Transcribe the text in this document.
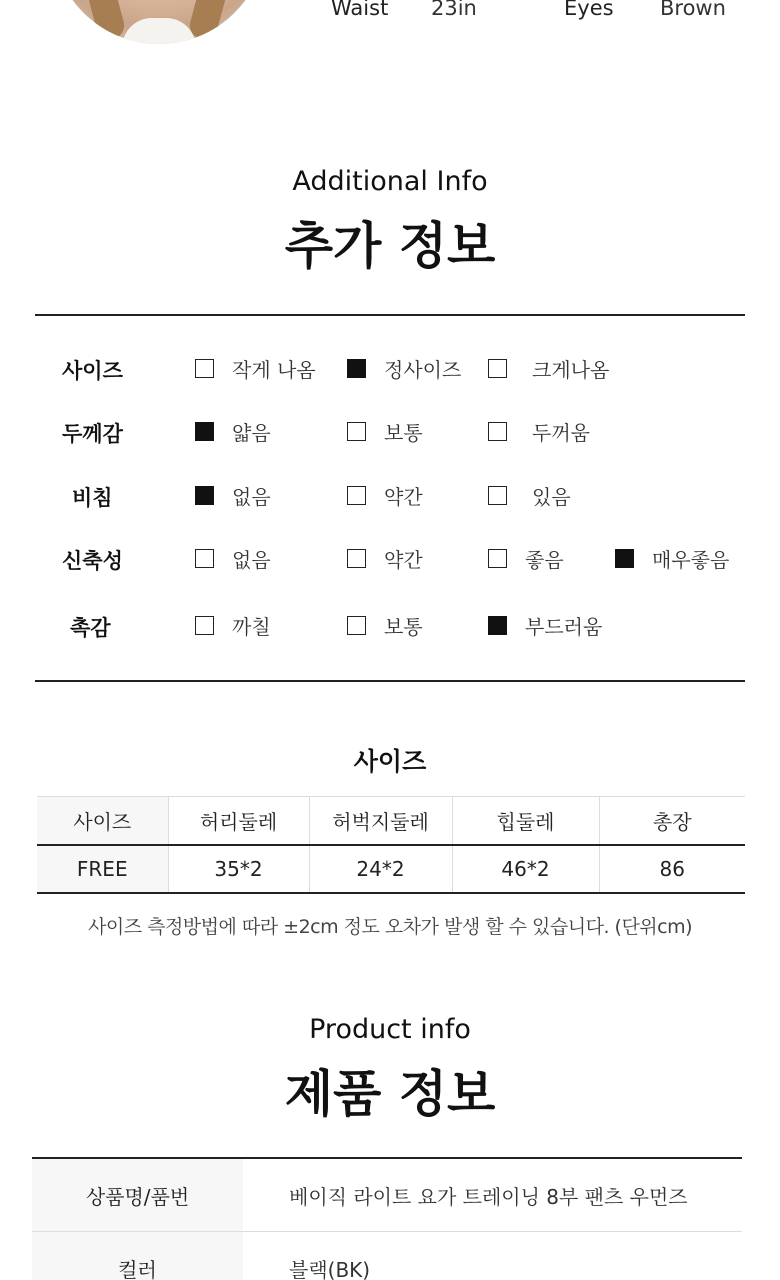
Waist 23in	Eyes Brown
Additional Info
추가 정보
사이즈	작게 나옴	정사이즈	크게나옴
두께감	얇음	보통	두꺼움
비침	없음	약간	있음
신축성	없음	약간	좋음	매우좋음
촉감	까칠	보통	부드러움
사이즈
사이즈	허리둘레	허벅지둘레	힙둘레	총장
FREE	35*2	24*2	46*2	86
사이즈 측정방법에 따라 ±2cm 정도 오차가 발생 할 수 있습니다. (단위cm)
Product info
제품 정보
상품명/품번	베이직 라이트 요가 트레이닝 8부 팬츠 우먼즈
컬러	블랙(BK)
